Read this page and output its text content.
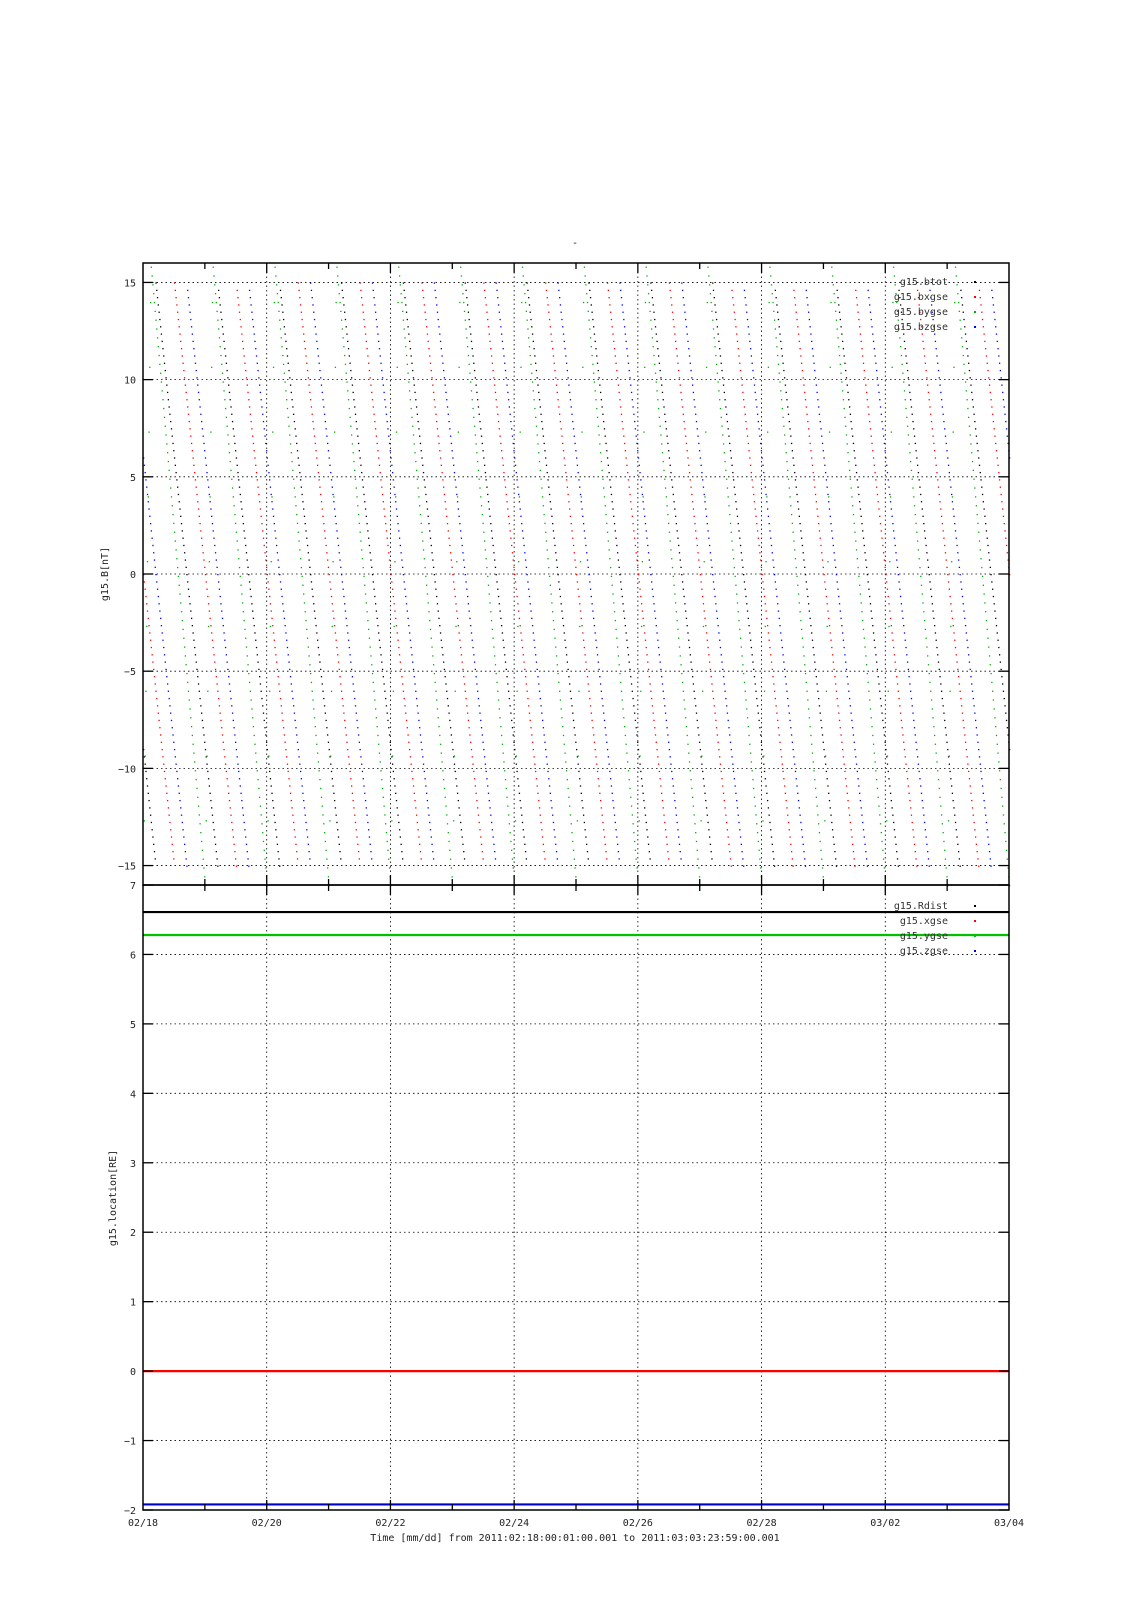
-
−15
−10
−5
0
5
10
15
g15.B[nT]
g15.btot
g15.bxgse
g15.bygse
g15.bzgse
−2
−1
0
1
2
3
4
5
6
7
g15.location[RE]
g15.Rdist
g15.xgse
g15.ygse
g15.zgse
02/18	02/20	02/22	02/24	02/26	02/28	03/02	03/04
Time [mm/dd] from 2011:02:18:00:01:00.001 to 2011:03:03:23:59:00.001
